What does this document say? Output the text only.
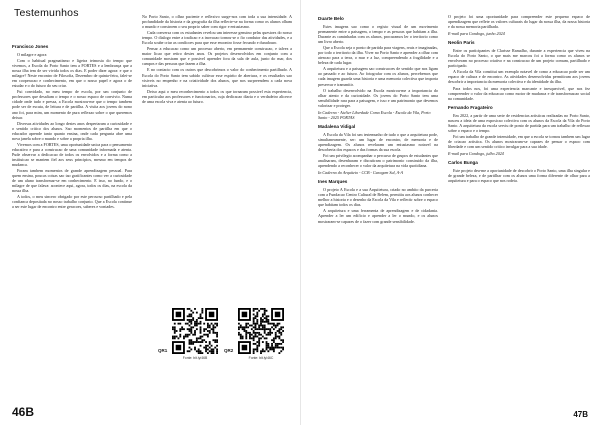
Testemunhos
Francisco Jones

O milagre e agora

Com o habitual pragmatismo e ligeira teimosia do tempo que vivemos, a Escola do Porto Santo tem a FORTES e a lembrança que a nossa ilha tem de ser vivida todos os dias. E poder dizer agora: e que o milagre? Neste encontro de Filosofia, Dezembro de quinta-feira, falei-se em cooperacao e conhecimento, em que o nosso papel e agora o de estudar e o do futuro do seu criar.

Fui convidado, no meu tempo de escola, por um conjunto de professores que desafiam o tempo e o nosso espaco de convivio. Numa cidade onde tudo e pressa, a Escola mostrou-me que o tempo tambem pode ser de escuta, de leitura e de partilha. A visita aos jovens do nono ano foi, para mim, um momento de pura reflexao sobre o que queremos deixar.

Diversas atividades ao longo destes anos despertaram a curiosidade e o sentido critico dos alunos. Sao momentos de partilha em que o educador aprende tanto quanto ensina, onde cada pergunta abre uma nova janela sobre o mundo e sobre a propria ilha.

Vivemos com a FORTES, uma oportunidade unica para o pensamento educativo e para a construcao de uma comunidade informada e atenta. Pude observar a dedicacao de todos os envolvidos e a forma como a instituicao se mantem fiel aos seus principios, mesmo em tempos de mudanca.

Foram tambem momentos de grande aprendizagem pessoal. Para quem ensina, poucas coisas sao tao gratificantes como ver a curiosidade de um aluno transformar-se em conhecimento. E isso, no fundo, e o milagre de que falava: acontece aqui, agora, todos os dias, na escola da nossa ilha.

A todos, o meu sincero obrigado por este percurso partilhado e pela confianca depositada no nosso trabalho conjunto. Que a Escola continue a ser este lugar de encontro entre geracoes, saberes e vontades.

No Porto Santo, o olhar paciente e reflexivo surge-nos com toda a sua intensidade. A profundidade da historia e da geografia da ilha reflecte-se na forma como os alunos olham o mundo e constroem o seu proprio saber com rigor e entusiasmo.

Cada conversa com os estudantes revelou um interesse genuino pelas questoes do nosso tempo. O dialogo entre a tradicao e a inovacao tornou-se o fio condutor das atividades, e a Escola soube criar as condicoes para que esse encontro fosse fecundo e duradouro.

Pensar a educacao como um processo aberto, em permanente construcao, e talvez a maior licao que retiro destes anos. Os projetos desenvolvidos em conjunto com a comunidade mostram que e possivel aprender fora da sala de aula, junto do mar, dos campos e das pessoas que fazem a ilha.

E no contacto com os outros que descobrimos o valor do conhecimento partilhado. A Escola do Porto Santo tem sabido cultivar esse espirito de abertura, e os resultados sao visiveis no empenho e na criatividade dos alunos, que nos surpreendem a cada nova iniciativa.

Deixo aqui o meu reconhecimento a todos os que tornaram possivel esta experiencia, em particular aos professores e funcionarios, cuja dedicacao diaria e o verdadeiro alicerce de uma escola viva e atenta ao futuro.

Duarte Belo

Estes imagens sao como o registo visual de um movimento permanente entre a paisagem, o tempo e as pessoas que habitam a ilha. Durante as caminhadas com os alunos, procuramos ler o territorio como um livro aberto.

Que a Escola seja o ponto de partida para viagens, reais e imaginadas, por todo o territorio da ilha. Viver no Porto Santo e aprender a olhar com atencao para a terra, o mar e a luz, compreendendo a fragilidade e a beleza de cada lugar.

A arquitetura e a paisagem sao construcoes de sentido que nos ligam ao passado e ao futuro. Ao fotografar com os alunos, percebemos que cada imagem guarda uma historia e uma memoria colectiva que importa preservar e transmitir.

O trabalho desenvolvido na Escola mostrou-me a importancia do olhar atento e da curiosidade. Os jovens do Porto Santo tem uma sensibilidade rara para a paisagem, e isso e um patrimonio que devemos valorizar e proteger.

In Caderno - Atelier Liberdade Como Escola - Escola da Vila, Porto Santo - 2025 PORTAS
Madalena Vidigal

A Escola da Vila foi um testemunho de tudo o que a arquitetura pode, simultaneamente, ser: um lugar de encontro, de memoria e de aprendizagem. Os alunos revelaram um entusiasmo notavel na descoberta dos espacos e das formas da sua escola.

Foi um privilegio acompanhar o percurso de grupos de estudantes que analisaram, desenharam e discutiram o patrimonio construido da ilha, aprendendo a reconhecer o valor da arquitetura na vida quotidiana.

In Caderno do Arquiteto - CCB - Garagem Sul, A-A
Ines Marques

O projeto A Escola e a sua Arquitetura, criado no ambito da parceria com a Fundacao Centro Cultural de Belem, permitiu aos alunos conhecer melhor a historia e o desenho da Escola da Vila e reflectir sobre o espaco que habitam todos os dias.

A arquitetura e uma ferramenta de aprendizagem e de cidadania. Aprender a ler um edificio e aprender a ler o mundo, e os alunos mostraram-se capazes de o fazer com grande sensibilidade.

O projeto foi uma oportunidade para compreender este pequeno espaco de aprendizagem que reflete os valores culturais do lugar da nossa ilha, da nossa historia e da nossa memoria partilhada.

E-mail para Gondogo, junho 2024
Neolin Paris

Entre os participantes de Clarisse Ramalho, durante a experiencia que viveu na Escola do Porto Santo, o que mais me marcou foi a forma como os alunos se envolveram no processo criativo e na construcao de um projeto comum, partilhado e participado.

A Escola da Vila constitui um exemplo notavel de como a educacao pode ser um espaco de cultura e de encontro. As atividades desenvolvidas permitiram aos jovens descobrir a importancia da memoria colectiva e da identidade da ilha.

Para todos nos, foi uma experiencia marcante e inesquecivel, que nos fez compreender o valor da educacao como motor de mudanca e de transformacao social na comunidade.

Fernando Fragateiro

Em 2022, a partir de uma serie de residencias artisticas realizadas no Porto Santo, nasceu a ideia de uma exposicao colectiva com os alunos da Escola da Vila do Porto Santo. A arquitetura da escola serviu de ponto de partida para um trabalho de reflexao sobre o espaco e o tempo.

Foi um trabalho de grande intensidade, em que a escola se tornou tambem um lugar de criacao artistica. Os alunos mostraram-se capazes de pensar o espaco com liberdade e com um sentido critico invulgar para a sua idade.

E-mail para Gondogo, julho 2024
Carlos Bunga

Este projeto deu-me a oportunidade de descobrir o Porto Santo, uma ilha singular e de grande beleza, e de partilhar com os alunos uma forma diferente de olhar para a arquitetura e para o espaco que nos rodeia.

QR1
Fonte: bit.ly/46B
QR2
Fonte: bit.ly/46C
46B	47B
